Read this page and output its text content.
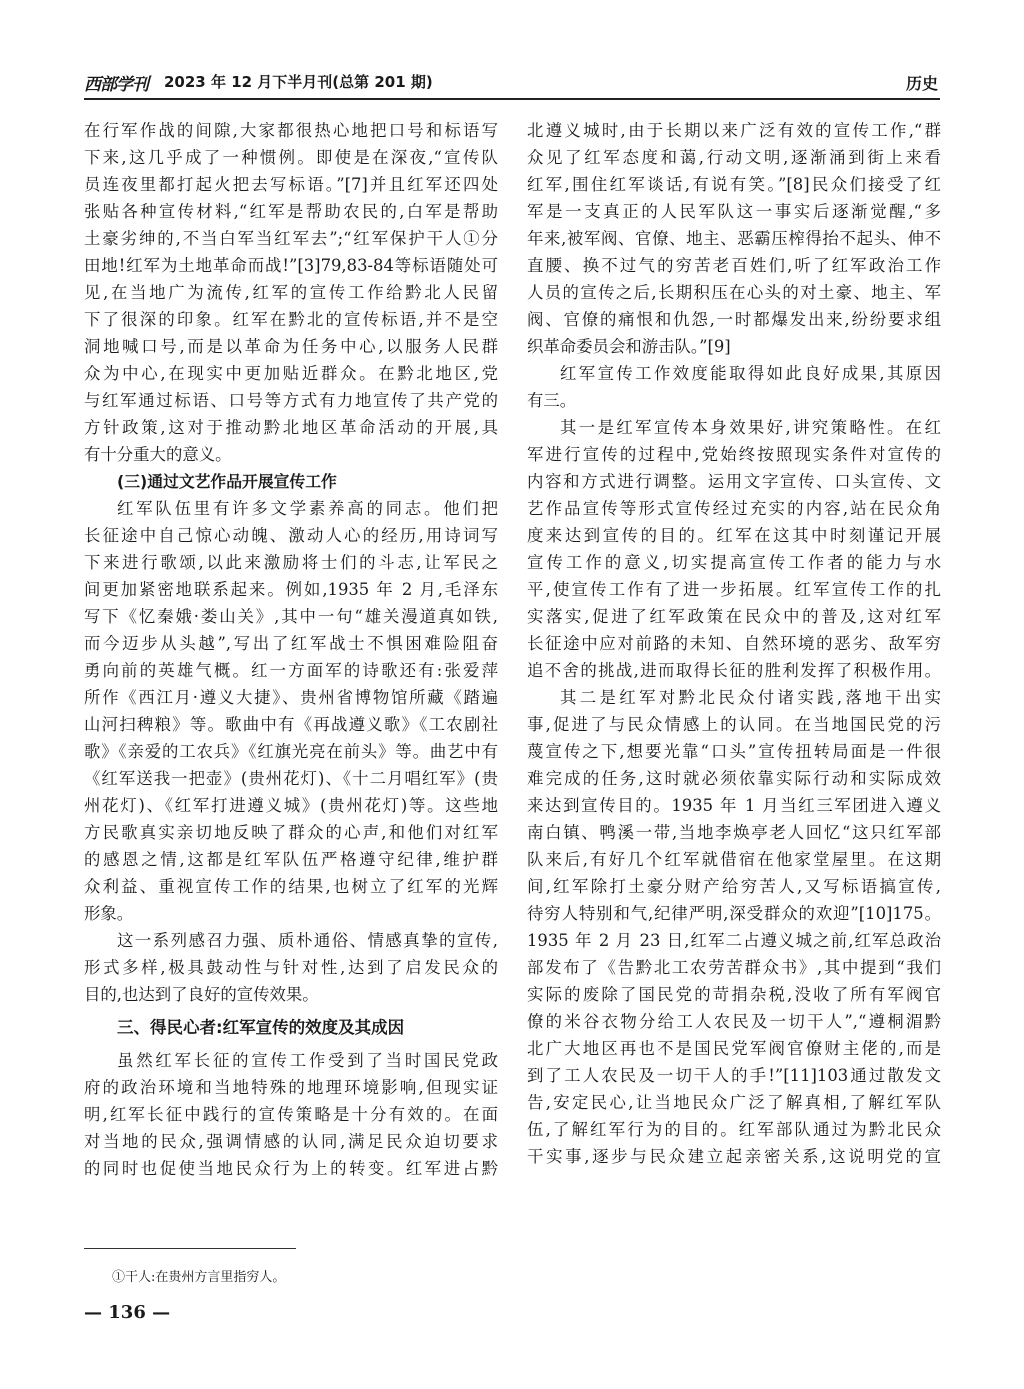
西部学刊 2023 年 12 月下半月刊(总第 201 期)	历史
在行军作战的间隙,大家都很热心地把口号和标语写
下来,这几乎成了一种惯例。即使是在深夜,“宣传队
员连夜里都打起火把去写标语。”[7]并且红军还四处
张贴各种宣传材料,“红军是帮助农民的,白军是帮助
土豪劣绅的,不当白军当红军去”;“红军保护干人①分
田地!红军为土地革命而战!”[3]79,83-84等标语随处可
见,在当地广为流传,红军的宣传工作给黔北人民留
下了很深的印象。红军在黔北的宣传标语,并不是空
洞地喊口号,而是以革命为任务中心,以服务人民群
众为中心,在现实中更加贴近群众。在黔北地区,党
与红军通过标语、口号等方式有力地宣传了共产党的
方针政策,这对于推动黔北地区革命活动的开展,具
有十分重大的意义。
(三)通过文艺作品开展宣传工作
红军队伍里有许多文学素养高的同志。他们把
长征途中自己惊心动魄、激动人心的经历,用诗词写
下来进行歌颂,以此来激励将士们的斗志,让军民之
间更加紧密地联系起来。例如,1935 年 2 月,毛泽东
写下《忆秦娥·娄山关》,其中一句“雄关漫道真如铁,
而今迈步从头越”,写出了红军战士不惧困难险阻奋
勇向前的英雄气概。红一方面军的诗歌还有:张爱萍
所作《西江月·遵义大捷》、贵州省博物馆所藏《踏遍
山河扫稗粮》等。歌曲中有《再战遵义歌》《工农剧社
歌》《亲爱的工农兵》《红旗光亮在前头》等。曲艺中有
《红军送我一把壶》(贵州花灯)、《十二月唱红军》(贵
州花灯)、《红军打进遵义城》(贵州花灯)等。这些地
方民歌真实亲切地反映了群众的心声,和他们对红军
的感恩之情,这都是红军队伍严格遵守纪律,维护群
众利益、重视宣传工作的结果,也树立了红军的光辉
形象。
这一系列感召力强、质朴通俗、情感真挚的宣传,
形式多样,极具鼓动性与针对性,达到了启发民众的
目的,也达到了良好的宣传效果。
三、得民心者:红军宣传的效度及其成因
虽然红军长征的宣传工作受到了当时国民党政
府的政治环境和当地特殊的地理环境影响,但现实证
明,红军长征中践行的宣传策略是十分有效的。在面
对当地的民众,强调情感的认同,满足民众迫切要求
的同时也促使当地民众行为上的转变。红军进占黔
北遵义城时,由于长期以来广泛有效的宣传工作,“群
众见了红军态度和蔼,行动文明,逐渐涌到街上来看
红军,围住红军谈话,有说有笑。”[8]民众们接受了红
军是一支真正的人民军队这一事实后逐渐觉醒,“多
年来,被军阀、官僚、地主、恶霸压榨得抬不起头、伸不
直腰、换不过气的穷苦老百姓们,听了红军政治工作
人员的宣传之后,长期积压在心头的对土豪、地主、军
阀、官僚的痛恨和仇怨,一时都爆发出来,纷纷要求组
织革命委员会和游击队。”[9]
红军宣传工作效度能取得如此良好成果,其原因
有三。
其一是红军宣传本身效果好,讲究策略性。在红
军进行宣传的过程中,党始终按照现实条件对宣传的
内容和方式进行调整。运用文字宣传、口头宣传、文
艺作品宣传等形式宣传经过充实的内容,站在民众角
度来达到宣传的目的。红军在这其中时刻谨记开展
宣传工作的意义,切实提高宣传工作者的能力与水
平,使宣传工作有了进一步拓展。红军宣传工作的扎
实落实,促进了红军政策在民众中的普及,这对红军
长征途中应对前路的未知、自然环境的恶劣、敌军穷
追不舍的挑战,进而取得长征的胜利发挥了积极作用。
其二是红军对黔北民众付诸实践,落地干出实
事,促进了与民众情感上的认同。在当地国民党的污
蔑宣传之下,想要光靠“口头”宣传扭转局面是一件很
难完成的任务,这时就必须依靠实际行动和实际成效
来达到宣传目的。1935 年 1 月当红三军团进入遵义
南白镇、鸭溪一带,当地李焕亭老人回忆“这只红军部
队来后,有好几个红军就借宿在他家堂屋里。在这期
间,红军除打土豪分财产给穷苦人,又写标语搞宣传,
待穷人特别和气,纪律严明,深受群众的欢迎”[10]175。
1935 年 2 月 23 日,红军二占遵义城之前,红军总政治
部发布了《告黔北工农劳苦群众书》,其中提到“我们
实际的废除了国民党的苛捐杂税,没收了所有军阀官
僚的米谷衣物分给工人农民及一切干人”,“遵桐湄黔
北广大地区再也不是国民党军阀官僚财主佬的,而是
到了工人农民及一切干人的手!”[11]103通过散发文
告,安定民心,让当地民众广泛了解真相,了解红军队
伍,了解红军行为的目的。红军部队通过为黔北民众
干实事,逐步与民众建立起亲密关系,这说明党的宣
①干人:在贵州方言里指穷人。
— 136 —
